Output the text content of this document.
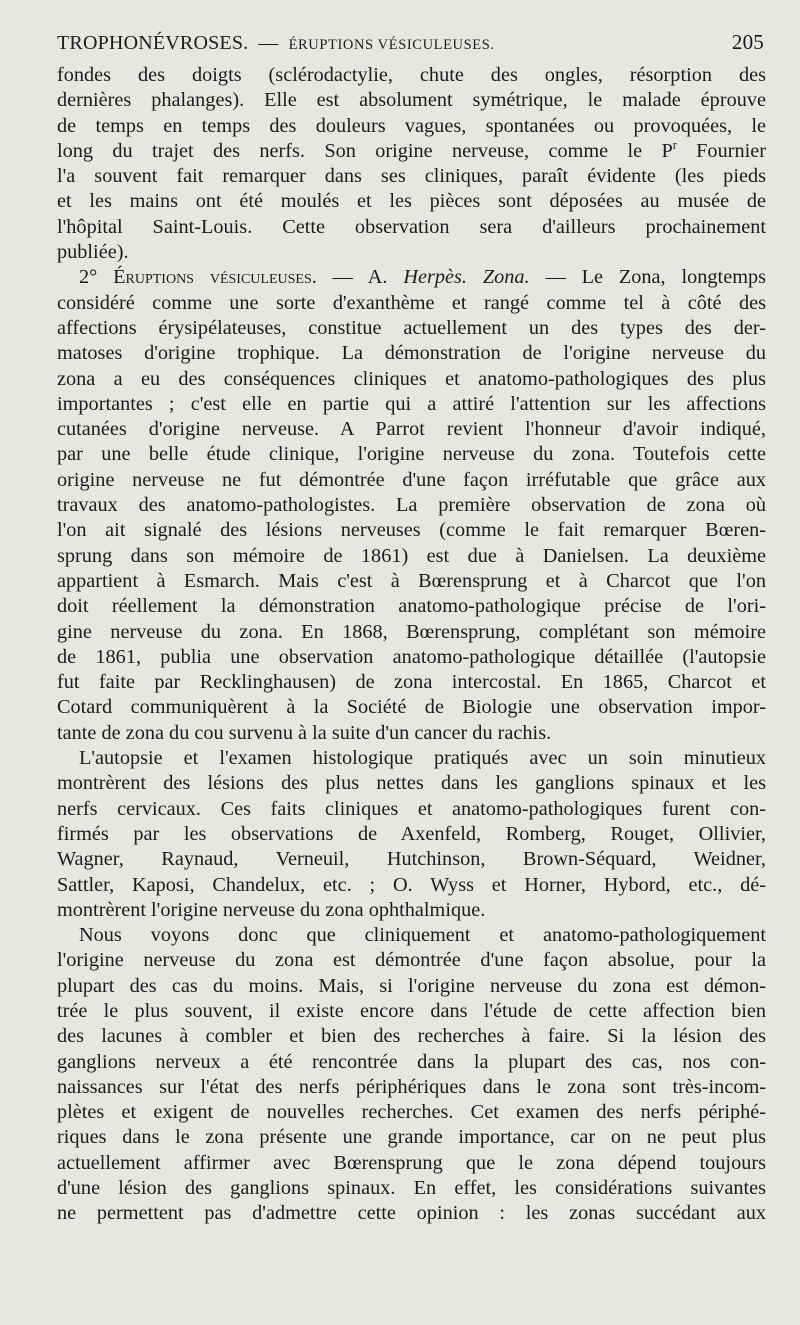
TROPHONÉVROSES. — ÉRUPTIONS VÉSICULEUSES.	205
fondes des doigts (sclérodactylie, chute des ongles, résorption des
dernières phalanges). Elle est absolument symétrique, le malade éprouve
de temps en temps des douleurs vagues, spontanées ou provoquées, le
long du trajet des nerfs. Son origine nerveuse, comme le $P^r$ Fournier
l'a souvent fait remarquer dans ses cliniques, paraît évidente (les pieds
et les mains ont été moulés et les pièces sont déposées au musée de
l'hôpital Saint-Louis. Cette observation sera d'ailleurs prochainement
publiée).
2° Éruptions vésiculeuses. — A. Herpès. Zona. — Le Zona, longtemps
considéré comme une sorte d'exanthème et rangé comme tel à côté des
affections érysipélateuses, constitue actuellement un des types des der-
matoses d'origine trophique. La démonstration de l'origine nerveuse du
zona a eu des conséquences cliniques et anatomo-pathologiques des plus
importantes ; c'est elle en partie qui a attiré l'attention sur les affections
cutanées d'origine nerveuse. A Parrot revient l'honneur d'avoir indiqué,
par une belle étude clinique, l'origine nerveuse du zona. Toutefois cette
origine nerveuse ne fut démontrée d'une façon irréfutable que grâce aux
travaux des anatomo-pathologistes. La première observation de zona où
l'on ait signalé des lésions nerveuses (comme le fait remarquer Bœren-
sprung dans son mémoire de 1861) est due à Danielsen. La deuxième
appartient à Esmarch. Mais c'est à Bœrensprung et à Charcot que l'on
doit réellement la démonstration anatomo-pathologique précise de l'ori-
gine nerveuse du zona. En 1868, Bœrensprung, complétant son mémoire
de 1861, publia une observation anatomo-pathologique détaillée (l'autopsie
fut faite par Recklinghausen) de zona intercostal. En 1865, Charcot et
Cotard communiquèrent à la Société de Biologie une observation impor-
tante de zona du cou survenu à la suite d'un cancer du rachis.
L'autopsie et l'examen histologique pratiqués avec un soin minutieux
montrèrent des lésions des plus nettes dans les ganglions spinaux et les
nerfs cervicaux. Ces faits cliniques et anatomo-pathologiques furent con-
firmés par les observations de Axenfeld, Romberg, Rouget, Ollivier,
Wagner, Raynaud, Verneuil, Hutchinson, Brown-Séquard, Weidner,
Sattler, Kaposi, Chandelux, etc. ; O. Wyss et Horner, Hybord, etc., dé-
montrèrent l'origine nerveuse du zona ophthalmique.
Nous voyons donc que cliniquement et anatomo-pathologiquement
l'origine nerveuse du zona est démontrée d'une façon absolue, pour la
plupart des cas du moins. Mais, si l'origine nerveuse du zona est démon-
trée le plus souvent, il existe encore dans l'étude de cette affection bien
des lacunes à combler et bien des recherches à faire. Si la lésion des
ganglions nerveux a été rencontrée dans la plupart des cas, nos con-
naissances sur l'état des nerfs périphériques dans le zona sont très-incom-
plètes et exigent de nouvelles recherches. Cet examen des nerfs périphé-
riques dans le zona présente une grande importance, car on ne peut plus
actuellement affirmer avec Bœrensprung que le zona dépend toujours
d'une lésion des ganglions spinaux. En effet, les considérations suivantes
ne permettent pas d'admettre cette opinion : les zonas succédant aux
